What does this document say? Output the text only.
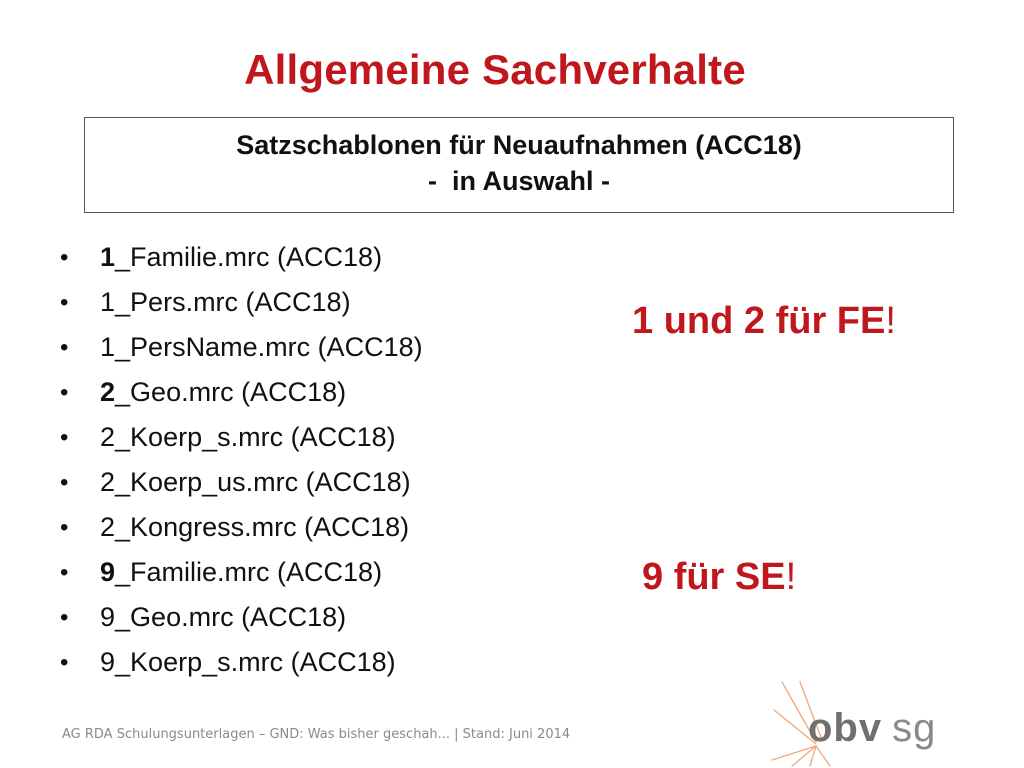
Allgemeine Sachverhalte
Satzschablonen für Neuaufnahmen (ACC18)
-  in Auswahl -
• 1_Familie.mrc (ACC18)
• 1_Pers.mrc (ACC18)
• 1_PersName.mrc (ACC18)
• 2_Geo.mrc (ACC18)
• 2_Koerp_s.mrc (ACC18)
• 2_Koerp_us.mrc (ACC18)
• 2_Kongress.mrc (ACC18)
• 9_Familie.mrc (ACC18)
• 9_Geo.mrc (ACC18)
• 9_Koerp_s.mrc (ACC18)
1 und 2 für FE!
9 für SE!
AG RDA Schulungsunterlagen – GND: Was bisher geschah... | Stand: Juni 2014	obv sg
